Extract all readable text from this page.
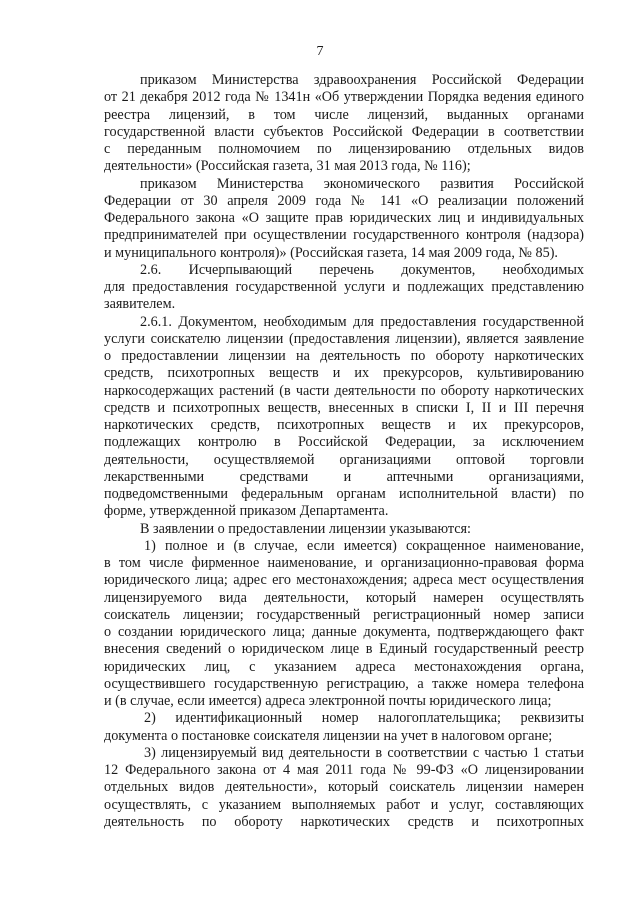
7
приказом Министерства здравоохранения Российской Федерации
от 21 декабря 2012 года № 1341н «Об утверждении Порядка ведения единого
реестра лицензий, в том числе лицензий, выданных органами
государственной власти субъектов Российской Федерации в соответствии
с переданным полномочием по лицензированию отдельных видов
деятельности» (Российская газета, 31 мая 2013 года, № 116);
приказом Министерства экономического развития Российской
Федерации от 30 апреля 2009 года № 141 «О реализации положений
Федерального закона «О защите прав юридических лиц и индивидуальных
предпринимателей при осуществлении государственного контроля (надзора)
и муниципального контроля)» (Российская газета, 14 мая 2009 года, № 85).
2.6. Исчерпывающий перечень документов, необходимых
для предоставления государственной услуги и подлежащих представлению
заявителем.
2.6.1. Документом, необходимым для предоставления государственной
услуги соискателю лицензии (предоставления лицензии), является заявление
о предоставлении лицензии на деятельность по обороту наркотических
средств, психотропных веществ и их прекурсоров, культивированию
наркосодержащих растений (в части деятельности по обороту наркотических
средств и психотропных веществ, внесенных в списки I, II и III перечня
наркотических средств, психотропных веществ и их прекурсоров,
подлежащих контролю в Российской Федерации, за исключением
деятельности, осуществляемой организациями оптовой торговли
лекарственными средствами и аптечными организациями,
подведомственными федеральным органам исполнительной власти) по
форме, утвержденной приказом Департамента.
В заявлении о предоставлении лицензии указываются:
1) полное и (в случае, если имеется) сокращенное наименование,
в том числе фирменное наименование, и организационно-правовая форма
юридического лица; адрес его местонахождения; адреса мест осуществления
лицензируемого вида деятельности, который намерен осуществлять
соискатель лицензии; государственный регистрационный номер записи
о создании юридического лица; данные документа, подтверждающего факт
внесения сведений о юридическом лице в Единый государственный реестр
юридических лиц, с указанием адреса местонахождения органа,
осуществившего государственную регистрацию, а также номера телефона
и (в случае, если имеется) адреса электронной почты юридического лица;
2) идентификационный номер налогоплательщика; реквизиты
документа о постановке соискателя лицензии на учет в налоговом органе;
3) лицензируемый вид деятельности в соответствии с частью 1 статьи
12 Федерального закона от 4 мая 2011 года № 99-ФЗ «О лицензировании
отдельных видов деятельности», который соискатель лицензии намерен
осуществлять, с указанием выполняемых работ и услуг, составляющих
деятельность по обороту наркотических средств и психотропных
